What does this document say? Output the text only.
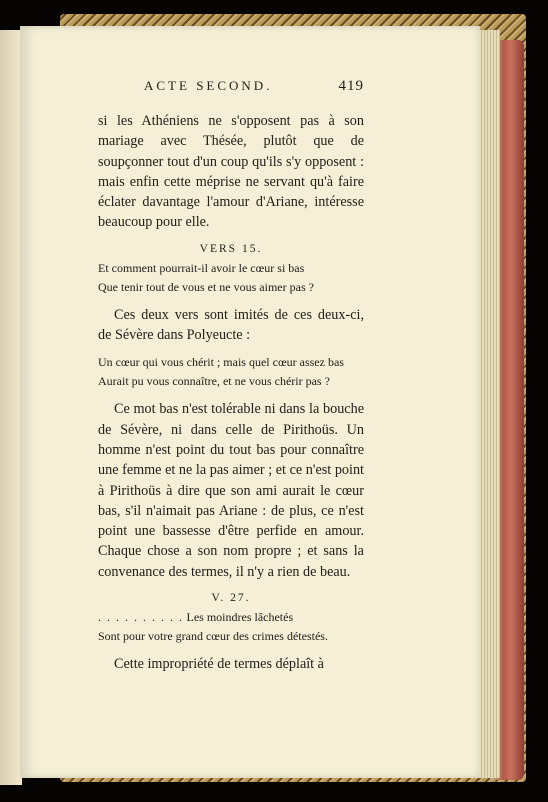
ACTE SECOND.	419

si les Athéniens ne s'opposent pas à son mariage avec Thésée, plutôt que de soupçonner tout d'un coup qu'ils s'y opposent : mais enfin cette méprise ne servant qu'à faire éclater davantage l'amour d'Ariane, intéresse beaucoup pour elle.

VERS 15.
Et comment pourrait-il avoir le cœur si bas
Que tenir tout de vous et ne vous aimer pas ?

Ces deux vers sont imités de ces deux-ci, de Sévère dans Polyeucte :

Un cœur qui vous chérit ; mais quel cœur assez bas
Aurait pu vous connaître, et ne vous chérir pas ?

Ce mot bas n'est tolérable ni dans la bouche de Sévère, ni dans celle de Pirithoüs. Un homme n'est point du tout bas pour connaître une femme et ne la pas aimer ; et ce n'est point à Pirithoüs à dire que son ami aurait le cœur bas, s'il n'aimait pas Ariane : de plus, ce n'est point une bassesse d'être perfide en amour. Chaque chose a son nom propre ; et sans la convenance des termes, il n'y a rien de beau.

V. 27.
. . . . . . . . . . Les moindres lâchetés
Sont pour votre grand cœur des crimes détestés.

Cette impropriété de termes déplaît à
